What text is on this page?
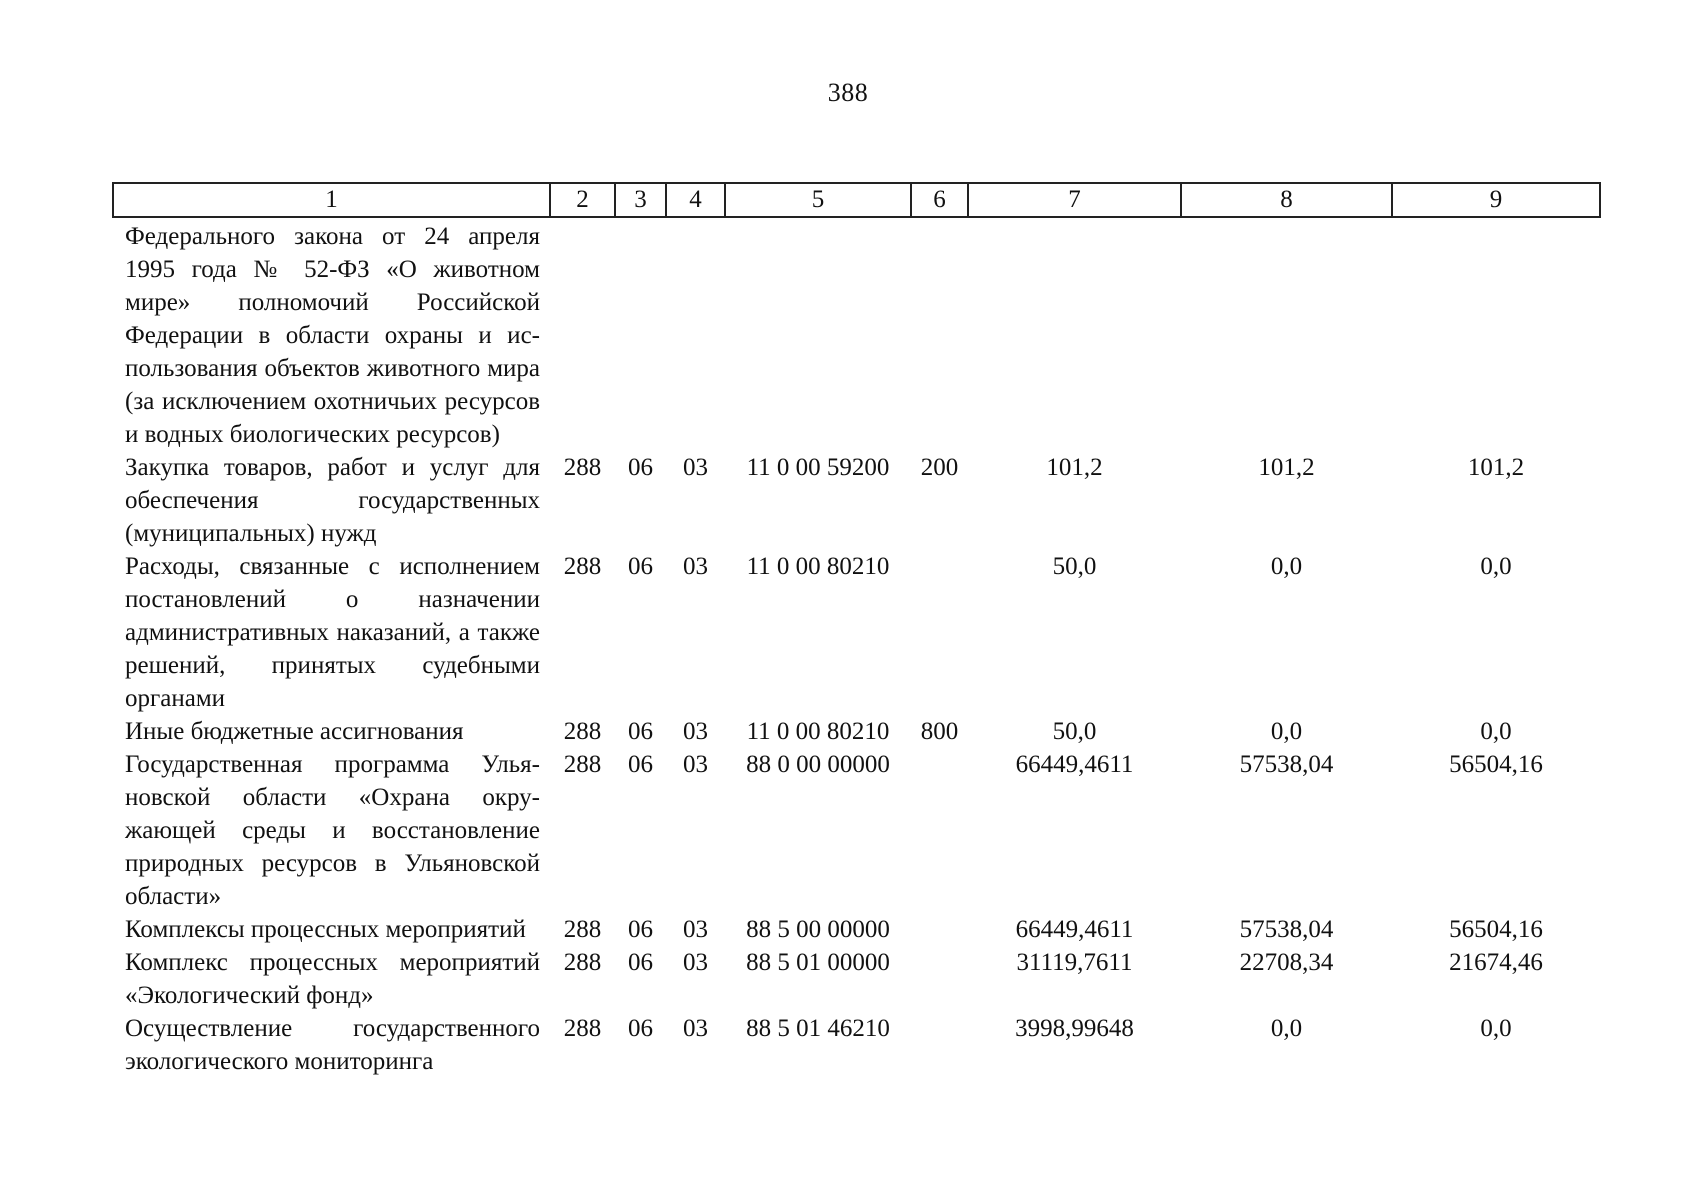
388
1	2	3	4	5	6	7	8	9
Федерального закона от 24 апреля 1995 года № 52-ФЗ «О животном мире» полномочий Российской Федерации в области охраны и использования объектов животного мира (за исключением охотничьих ресурсов и водных биологических ресурсов)								
Закупка товаров, работ и услуг для обеспечения государственных (муниципальных) нужд	288	06	03	11 0 00 59200	200	101,2	101,2	101,2
Расходы, связанные с исполнением постановлений о назначении административных наказаний, а также решений, принятых судебными органами	288	06	03	11 0 00 80210		50,0	0,0	0,0
Иные бюджетные ассигнования	288	06	03	11 0 00 80210	800	50,0	0,0	0,0
Государственная программа Ульяновской области «Охрана окружающей среды и восстановление природных ресурсов в Ульяновской области»	288	06	03	88 0 00 00000		66449,4611	57538,04	56504,16
Комплексы процессных мероприятий	288	06	03	88 5 00 00000		66449,4611	57538,04	56504,16
Комплекс процессных мероприятий «Экологический фонд»	288	06	03	88 5 01 00000		31119,7611	22708,34	21674,46
Осуществление государственного экологического мониторинга	288	06	03	88 5 01 46210		3998,99648	0,0	0,0
